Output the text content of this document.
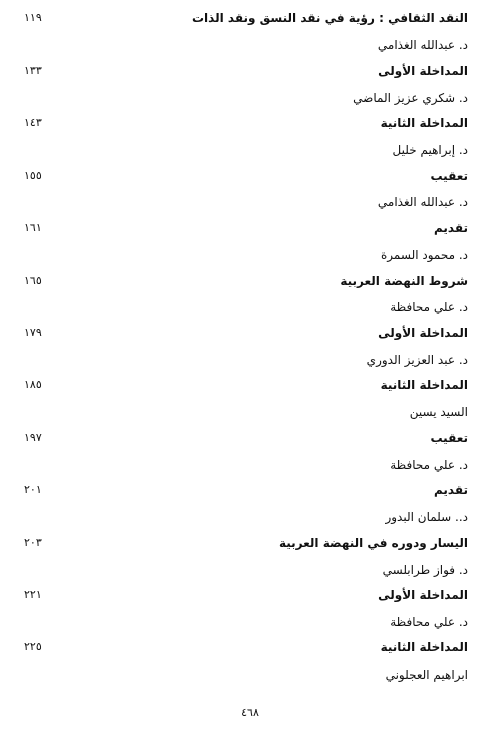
النقد الثقافي : رؤية في نقد النسق ونقد الذات
١١٩
د. عبدالله الغذامي
المداخلة الأولى
١٣٣
د. شكري عزيز الماضي
المداخلة الثانية
١٤٣
د. إبراهيم خليل
تعقيب
١٥٥
د. عبدالله الغذامي
تقديم
١٦١
د. محمود السمرة
شروط النهضة العربية
١٦٥
د. علي محافظة
المداخلة الأولى
١٧٩
د. عبد العزيز الدوري
المداخلة الثانية
١٨٥
السيد يسين
تعقيب
١٩٧
د. علي محافظة
تقديم
٢٠١
د.. سلمان البدور
اليسار ودوره في النهضة العربية
٢٠٣
د. فواز طرابلسي
المداخلة الأولى
٢٢١
د. علي محافظة
المداخلة الثانية
٢٢٥
ابراهيم العجلوني
٤٦٨
